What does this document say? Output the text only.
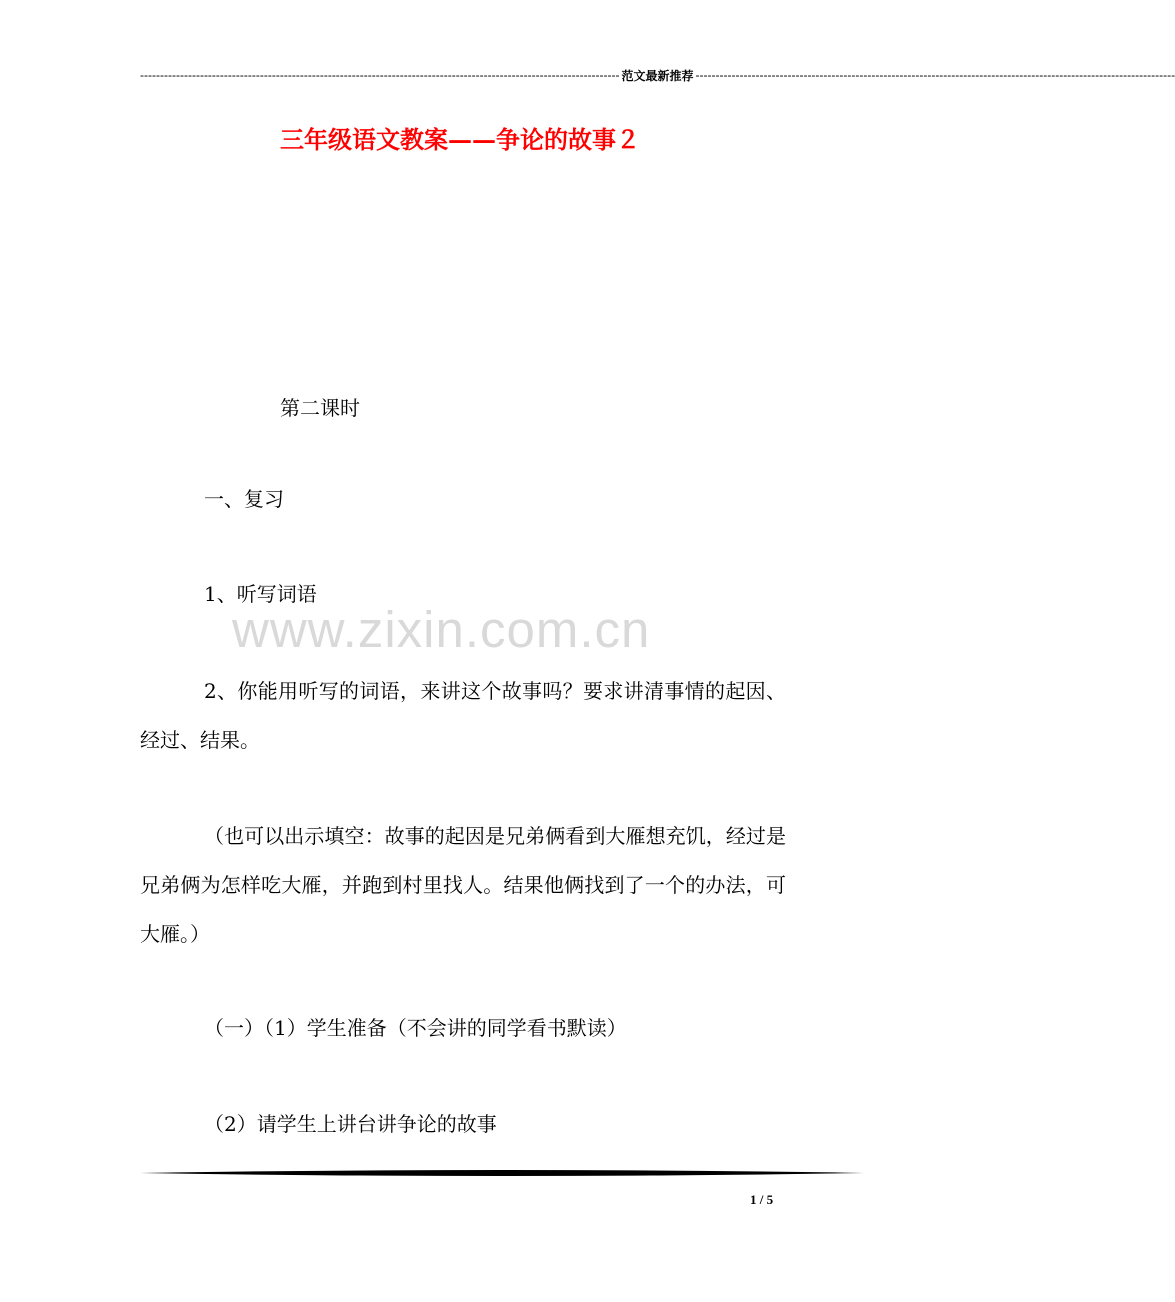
------------------------------------------------------------------------------------------------------------------------ 范文最新推荐 ------------------------------------------------------------------------------------------------------------------------
三年级语文教案——争论的故事２
第二课时
一、复习
1、听写词语
www.zixin.com.cn
2、你能用听写的词语，来讲这个故事吗？要求讲清事情的起因、经过、结果。
（也可以出示填空：故事的起因是兄弟俩看到大雁想充饥，经过是兄弟俩为怎样吃大雁，并跑到村里找人。结果他俩找到了一个的办法，可大雁。）
（一）（1）学生准备（不会讲的同学看书默读）
（2）请学生上讲台讲争论的故事
1 / 5
